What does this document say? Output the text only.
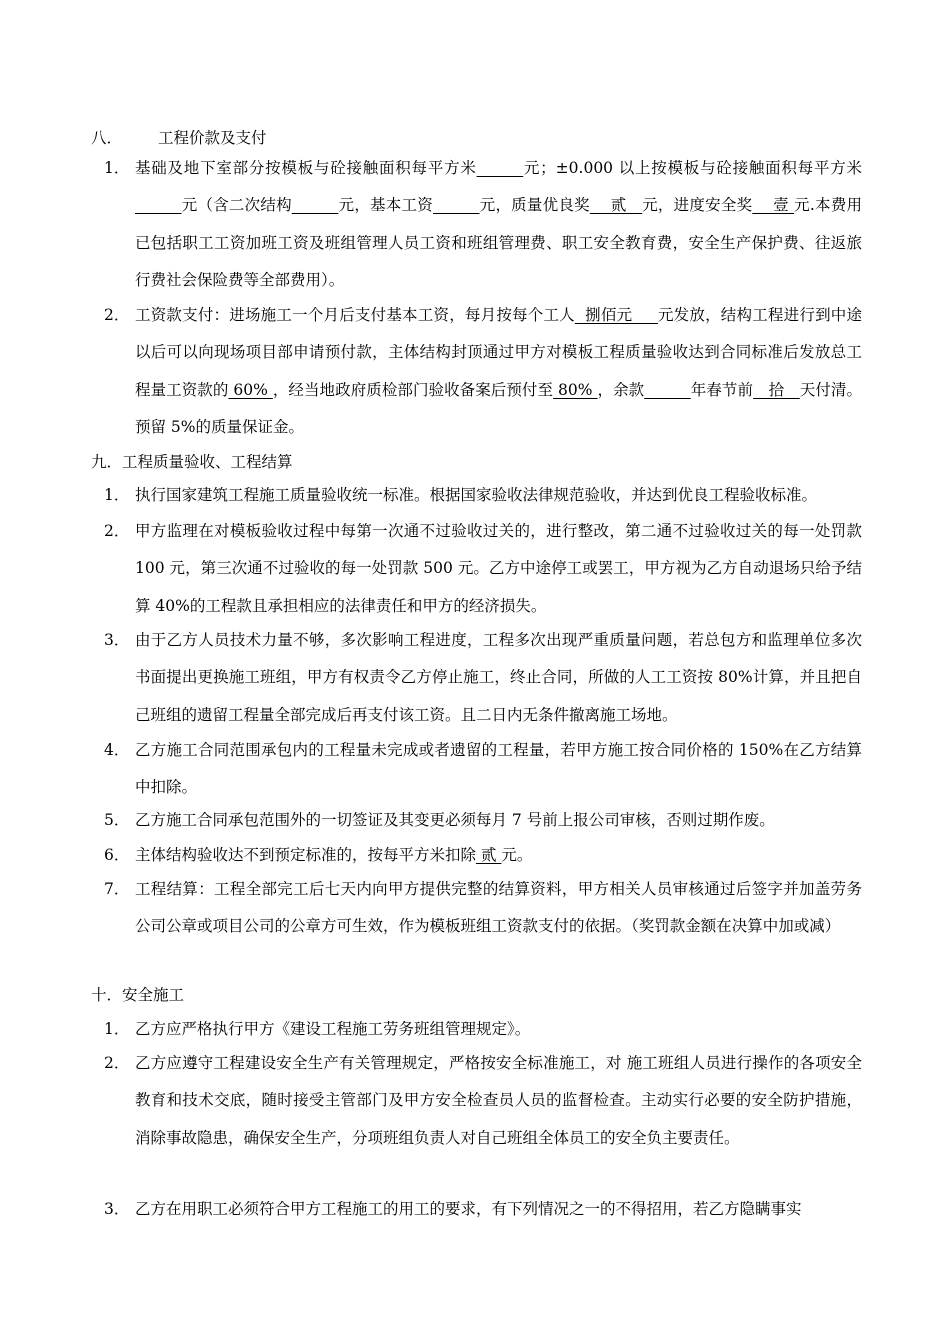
八． 工程价款及支付
1． 基础及地下室部分按模板与砼接触面积每平方米______元；±0.000 以上按模板与砼接触面积每平方米______元（含二次结构______元，基本工资______元，质量优良奖　 贰　元，进度安全奖　 壹 元.本费用已包括职工工资加班工资及班组管理人员工资和班组管理费、职工安全教育费，安全生产保护费、往返旅行费社会保险费等全部费用）。
2． 工资款支付：进场施工一个月后支付基本工资，每月按每个工人  捌佰元     元发放，结构工程进行到中途以后可以向现场项目部申请预付款，主体结构封顶通过甲方对模板工程质量验收达到合同标准后发放总工程量工资款的 60% ，经当地政府质检部门验收备案后预付至 80% ，余款______年春节前　拾　天付清。预留 5%的质量保证金。
九．工程质量验收、工程结算
1． 执行国家建筑工程施工质量验收统一标准。根据国家验收法律规范验收，并达到优良工程验收标准。
2． 甲方监理在对模板验收过程中每第一次通不过验收过关的，进行整改，第二通不过验收过关的每一处罚款 100 元，第三次通不过验收的每一处罚款 500 元。乙方中途停工或罢工，甲方视为乙方自动退场只给予结算 40%的工程款且承担相应的法律责任和甲方的经济损失。
3． 由于乙方人员技术力量不够，多次影响工程进度，工程多次出现严重质量问题，若总包方和监理单位多次书面提出更换施工班组，甲方有权责令乙方停止施工，终止合同，所做的人工工资按 80%计算，并且把自己班组的遗留工程量全部完成后再支付该工资。且二日内无条件撤离施工场地。
4． 乙方施工合同范围承包内的工程量未完成或者遗留的工程量，若甲方施工按合同价格的 150%在乙方结算中扣除。
5． 乙方施工合同承包范围外的一切签证及其变更必须每月 7 号前上报公司审核，否则过期作废。
6． 主体结构验收达不到预定标准的，按每平方米扣除 贰 元。
7． 工程结算：工程全部完工后七天内向甲方提供完整的结算资料，甲方相关人员审核通过后签字并加盖劳务公司公章或项目公司的公章方可生效，作为模板班组工资款支付的依据。（奖罚款金额在决算中加或减）
十．安全施工
1． 乙方应严格执行甲方《建设工程施工劳务班组管理规定》。
2． 乙方应遵守工程建设安全生产有关管理规定，严格按安全标准施工，对 施工班组人员进行操作的各项安全教育和技术交底，随时接受主管部门及甲方安全检查员人员的监督检查。主动实行必要的安全防护措施，消除事故隐患，确保安全生产，分项班组负责人对自己班组全体员工的安全负主要责任。
3． 乙方在用职工必须符合甲方工程施工的用工的要求，有下列情况之一的不得招用，若乙方隐瞒事实
